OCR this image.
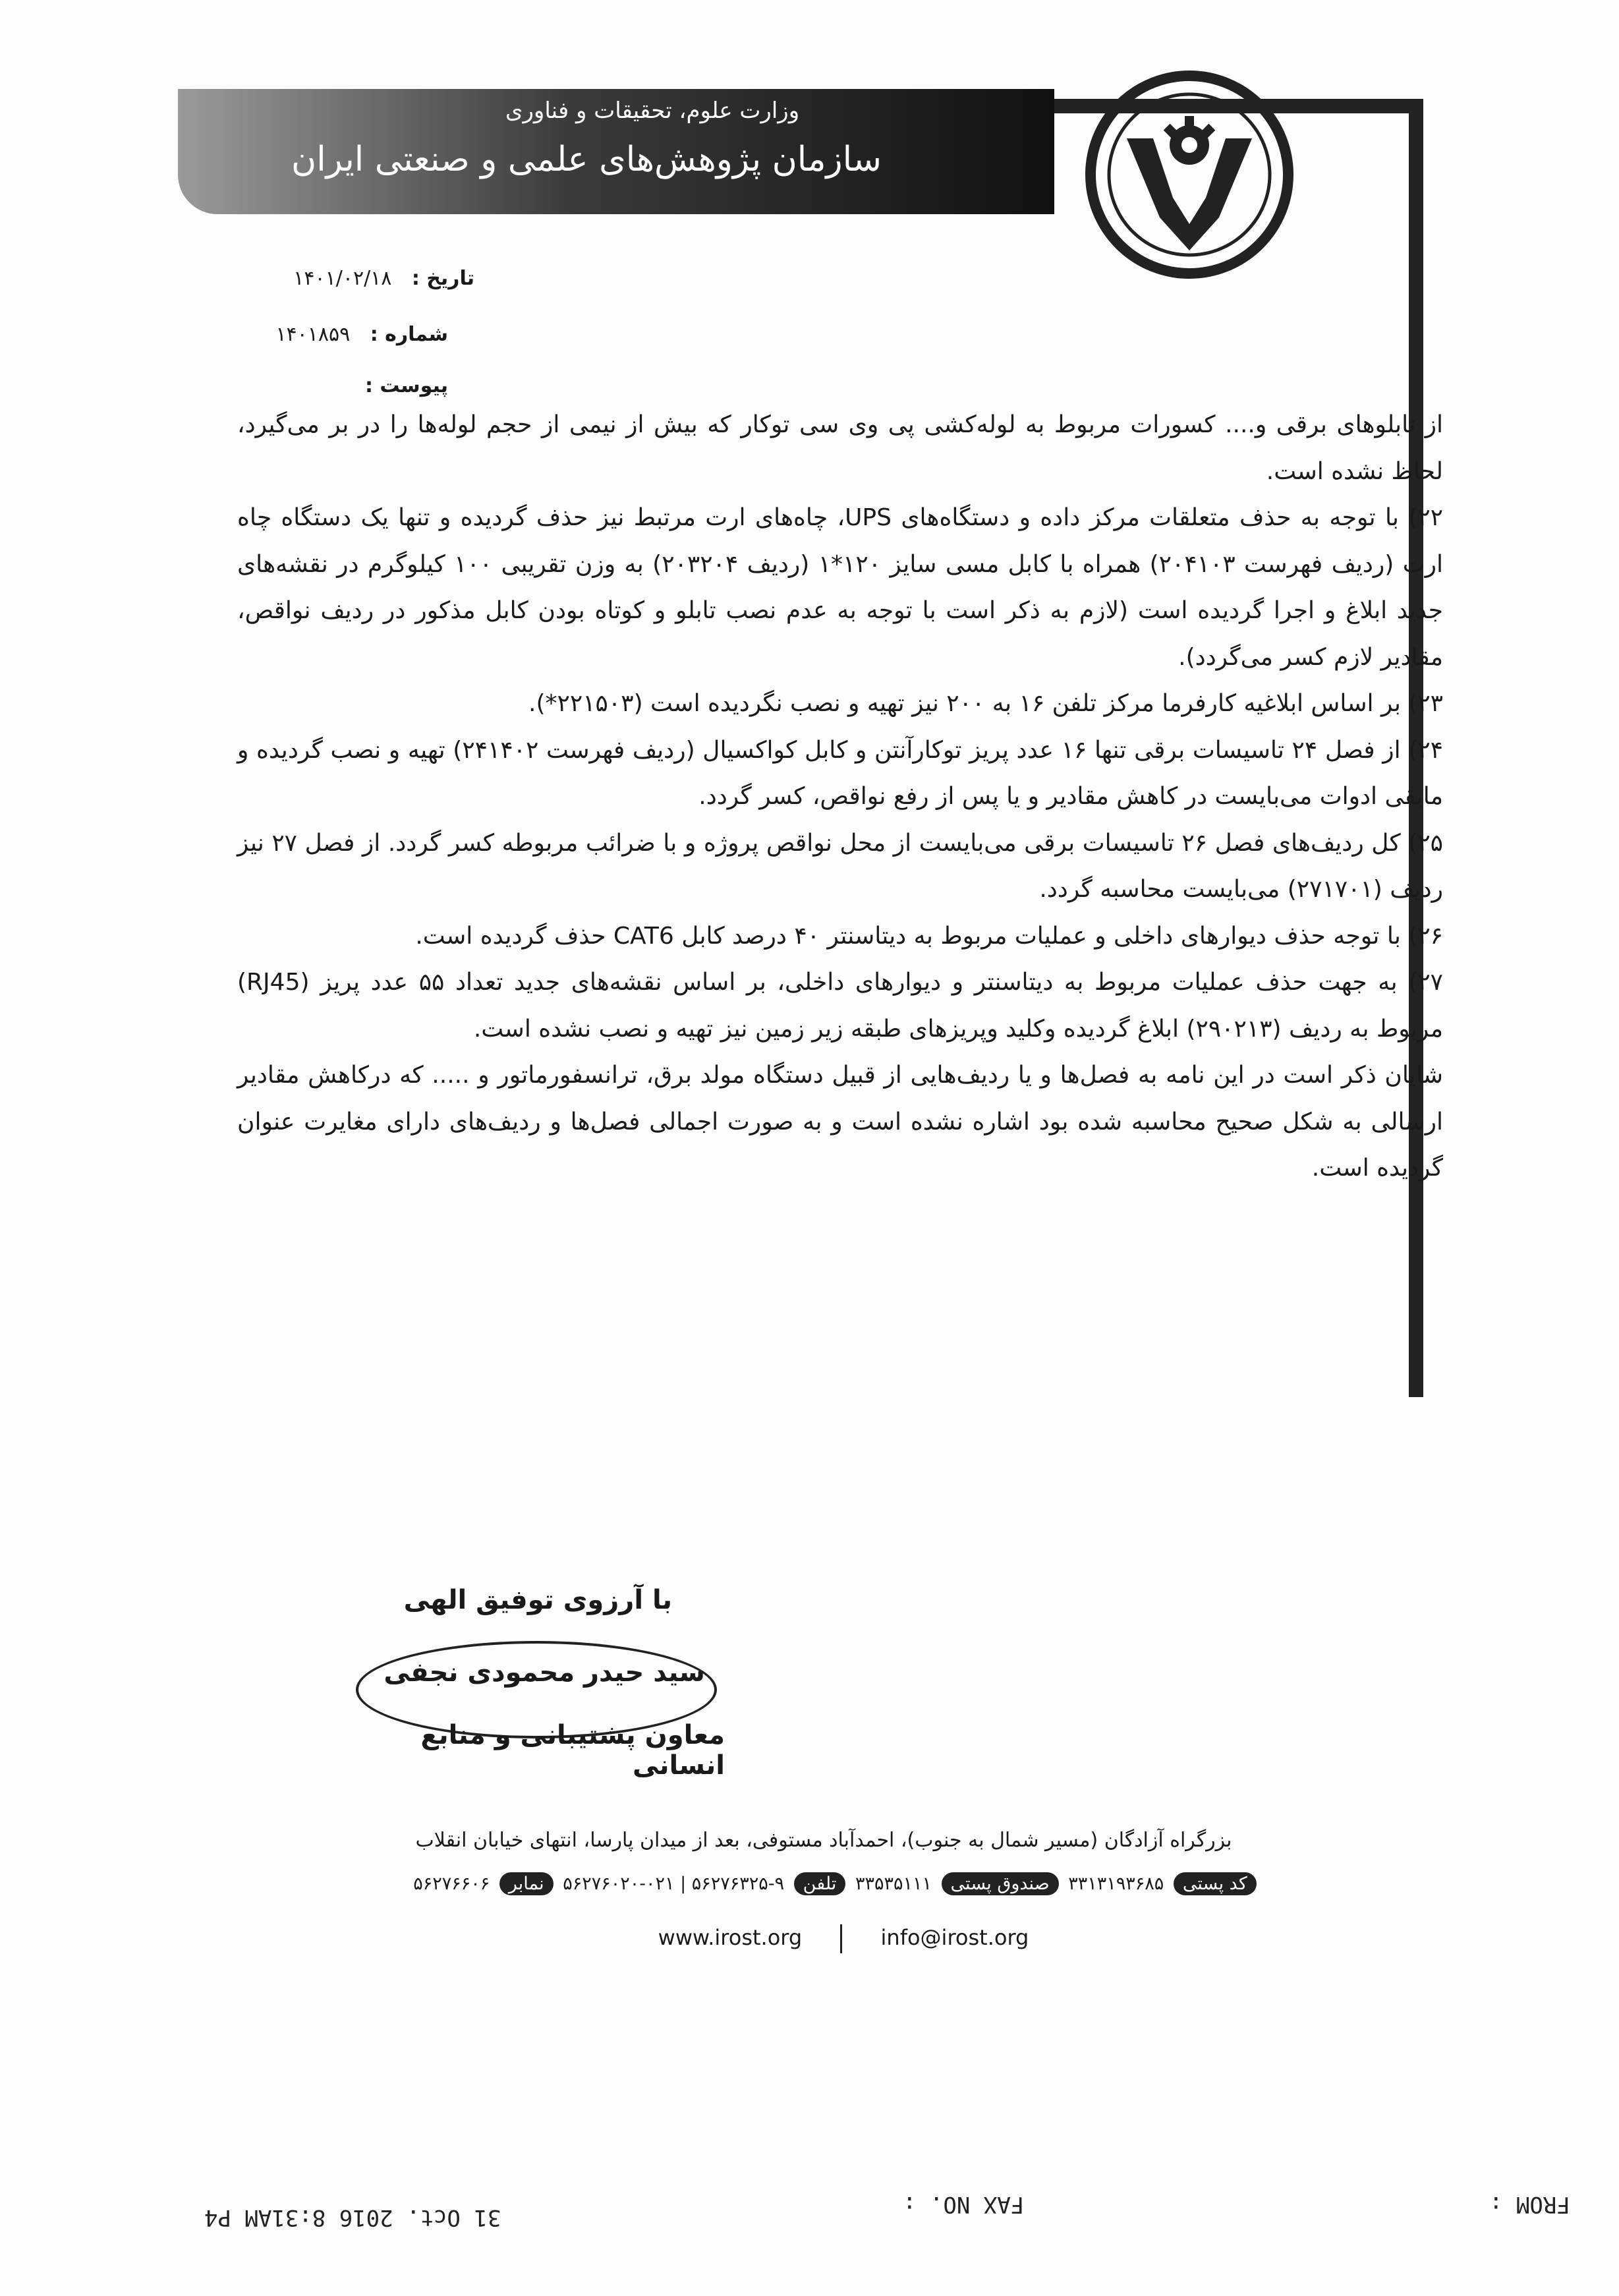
وزارت علوم، تحقیقات و فناوری
سازمان پژوهش‌های علمی و صنعتی ایران
تاریخ : ۱۴۰۱/۰۲/۱۸
شماره : ۱۴۰۱۸۵۹
پیوست :

از تابلوهای برقی و.... کسورات مربوط به لوله‌کشی پی وی سی توکار که بیش از نیمی از حجم لوله‌ها را در بر می‌گیرد، لحاظ نشده است.

۲۲) با توجه به حذف متعلقات مرکز داده و دستگاه‌های UPS، چاه‌های ارت مرتبط نیز حذف گردیده و تنها یک دستگاه چاه ارت (ردیف فهرست ۲۰۴۱۰۳) همراه با کابل مسی سایز ۱۲۰*۱ (ردیف ۲۰۳۲۰۴) به وزن تقریبی ۱۰۰ کیلوگرم در نقشه‌های جدید ابلاغ و اجرا گردیده است (لازم به ذکر است با توجه به عدم نصب تابلو و کوتاه بودن کابل مذکور در ردیف نواقص، مقادیر لازم کسر می‌گردد).

۲۳) بر اساس ابلاغیه کارفرما مرکز تلفن ۱۶ به ۲۰۰ نیز تهیه و نصب نگردیده است (۲۲۱۵۰۳*).

۲۴) از فصل ۲۴ تاسیسات برقی تنها ۱۶ عدد پریز توکارآنتن و کابل کواکسیال (ردیف فهرست ۲۴۱۴۰۲) تهیه و نصب گردیده و مابقی ادوات می‌بایست در کاهش مقادیر و یا پس از رفع نواقص، کسر گردد.

۲۵) کل ردیف‌های فصل ۲۶ تاسیسات برقی می‌بایست از محل نواقص پروژه و با ضرائب مربوطه کسر گردد. از فصل ۲۷ نیز ردیف (۲۷۱۷۰۱) می‌بایست محاسبه گردد.

۲۶) با توجه حذف دیوارهای داخلی و عملیات مربوط به دیتاسنتر ۴۰ درصد کابل CAT6 حذف گردیده است.

۲۷) به جهت حذف عملیات مربوط به دیتاسنتر و دیوارهای داخلی، بر اساس نقشه‌های جدید تعداد ۵۵ عدد پریز (RJ45) مربوط به ردیف (۲۹۰۲۱۳) ابلاغ گردیده وکلید وپریزهای طبقه زیر زمین نیز تهیه و نصب نشده است.

شایان ذکر است در این نامه به فصل‌ها و یا ردیف‌هایی از قبیل دستگاه مولد برق، ترانسفورماتور و ..... که درکاهش مقادیر ارسالی به شکل صحیح محاسبه شده بود اشاره نشده است و به صورت اجمالی فصل‌ها و ردیف‌های دارای مغایرت عنوان گردیده است.

با آرزوی توفیق الهی
سید حیدر محمودی نجفی
معاون پشتیبانی و منابع انسانی
بزرگراه آزادگان (مسیر شمال به جنوب)، احمدآباد مستوفی، بعد از میدان پارسا، انتهای خیابان انقلاب
کد پستی ۳۳۱۳۱۹۳۶۸۵ صندوق پستی ۳۳۵۳۵۱۱۱ تلفن ۹-۵۶۲۷۶۳۲۵ | ۰۲۱-۵۶۲۷۶۰۲۰ نمابر ۵۶۲۷۶۶۰۶
www.irost.org	info@irost.org
FROM :
FAX NO. :
31 Oct. 2016 8:31AM P4
